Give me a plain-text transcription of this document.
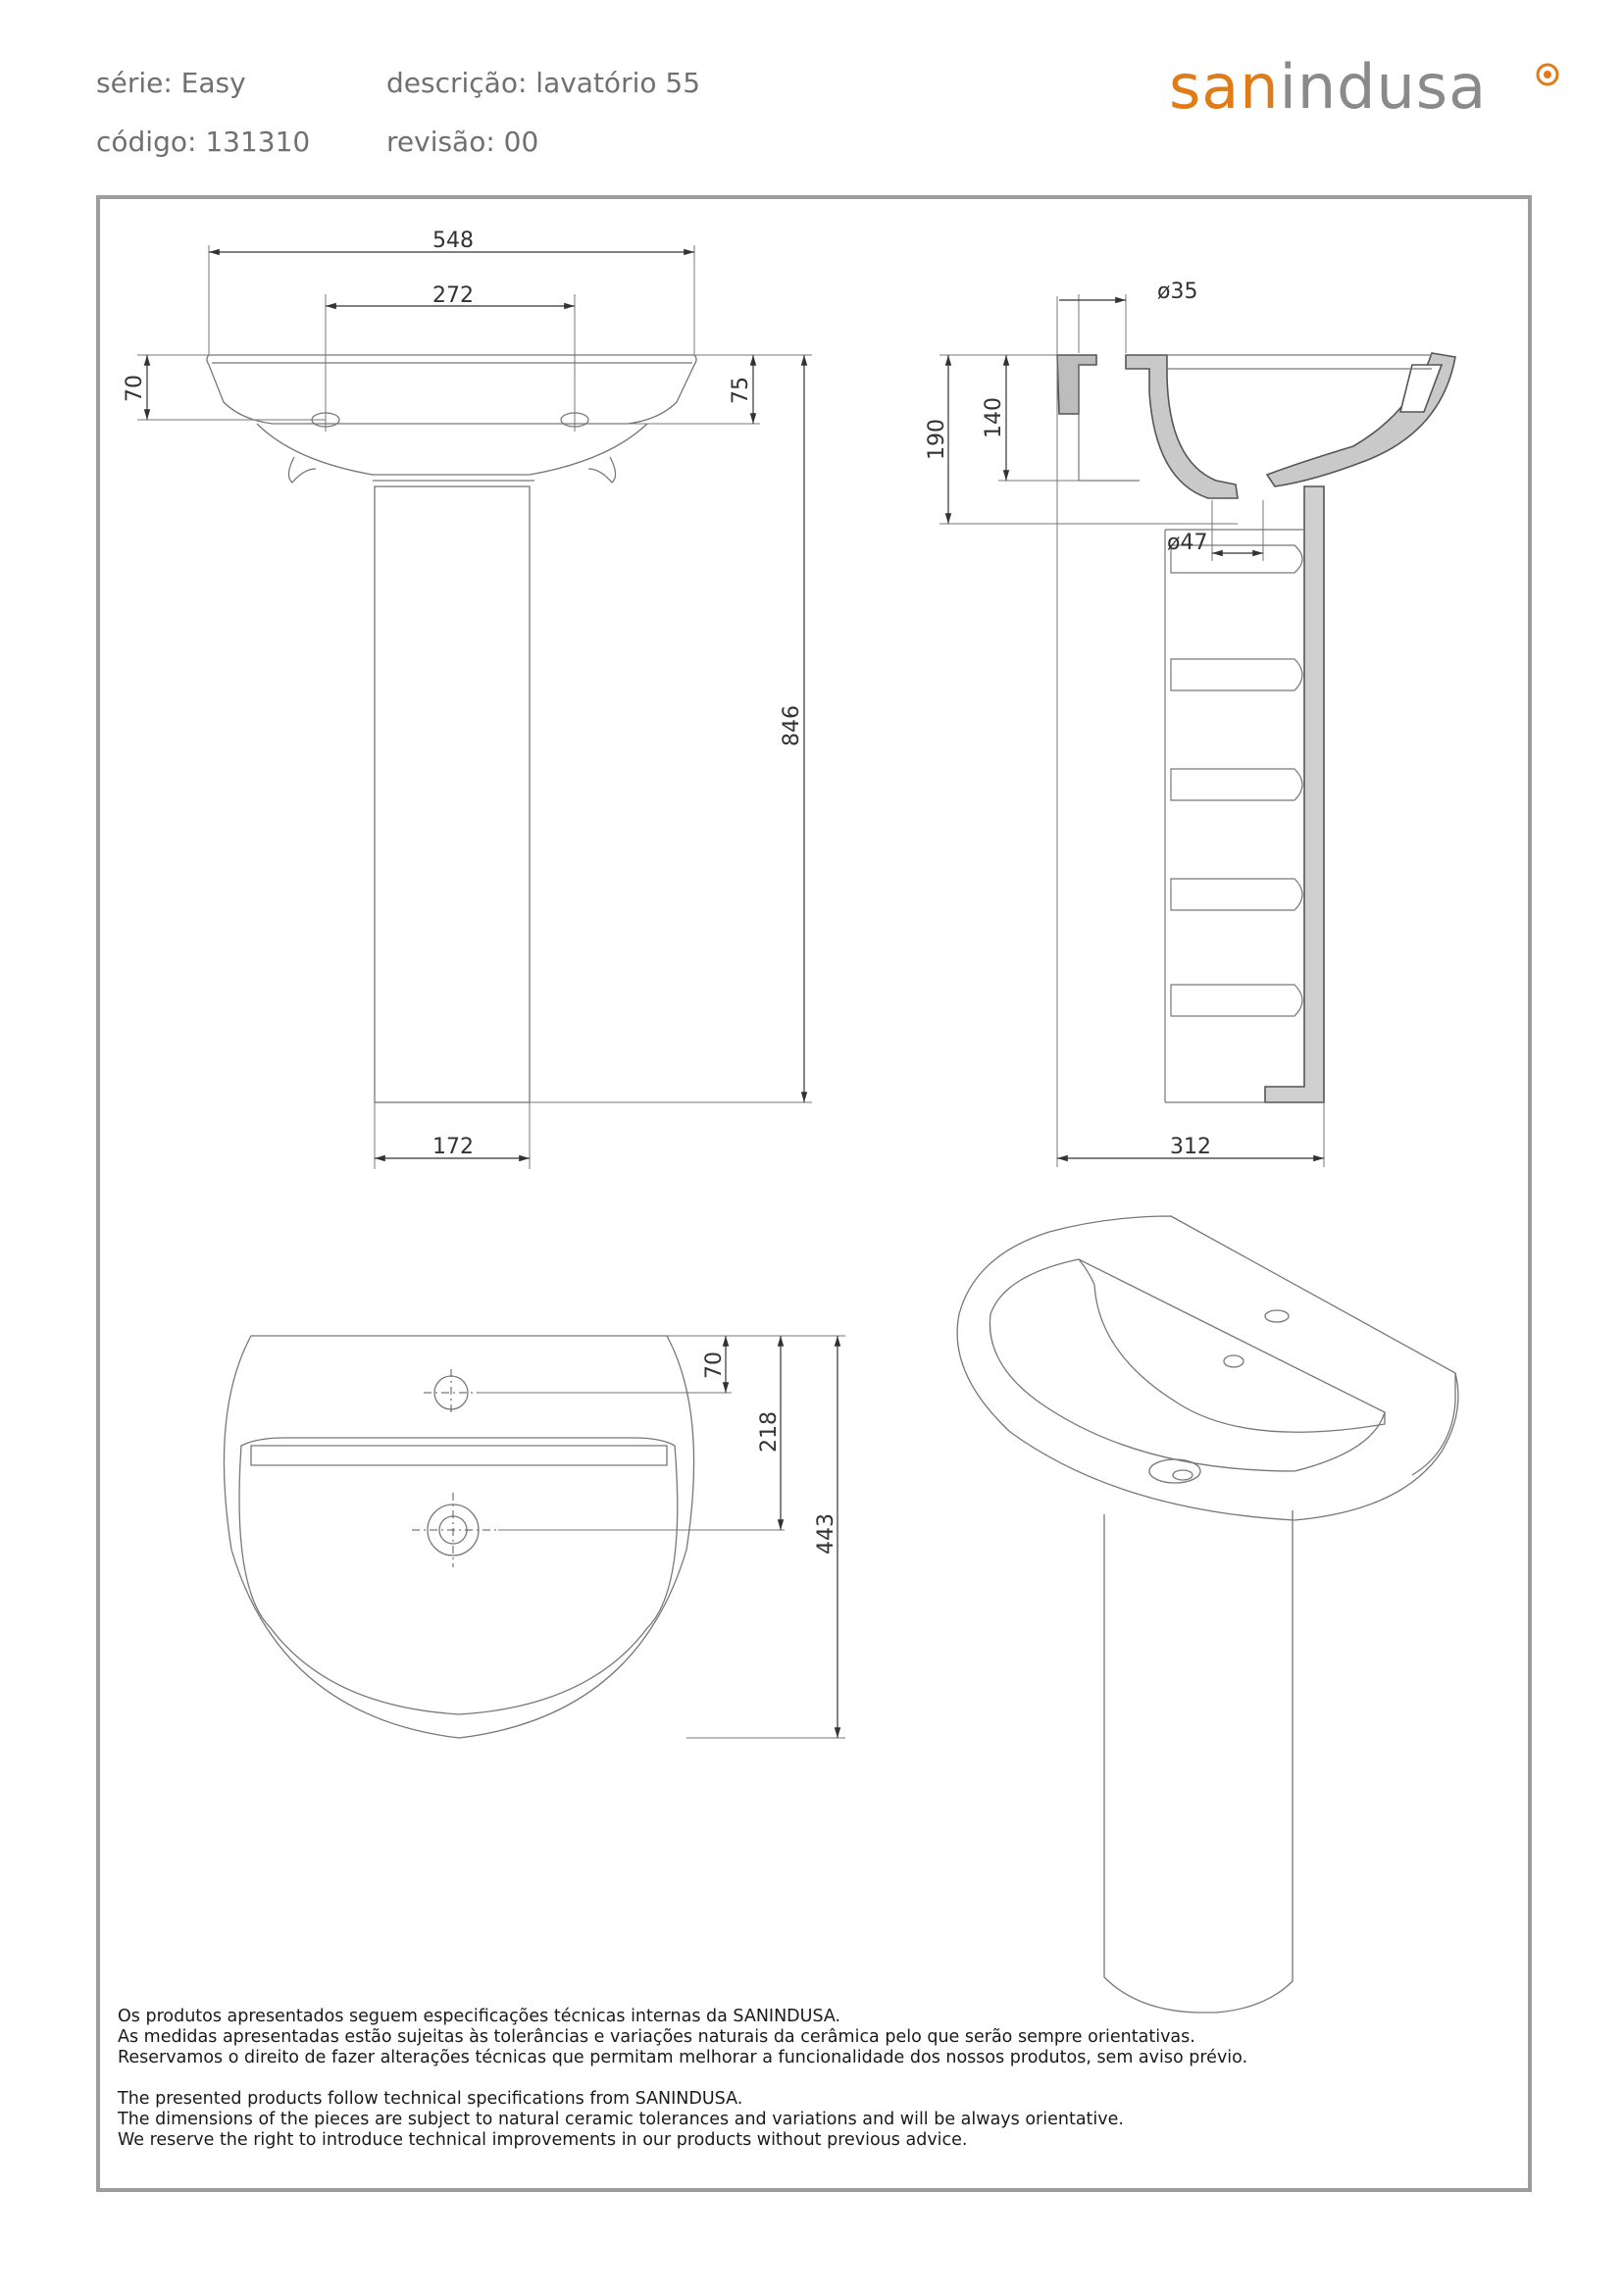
série: Easy	descrição: lavatório 55
código: 131310	revisão: 00
sanindusa
548
272
70	75
846
172
ø35
ø47
190
140
312
70
218
443

Os produtos apresentados seguem especificações técnicas internas da SANINDUSA.

As medidas apresentadas estão sujeitas às tolerâncias e variações naturais da cerâmica pelo que serão sempre orientativas.

Reservamos o direito de fazer alterações técnicas que permitam melhorar a funcionalidade dos nossos produtos, sem aviso prévio.

The presented products follow technical specifications from SANINDUSA.

The dimensions of the pieces are subject to natural ceramic tolerances and variations and will be always orientative.

We reserve the right to introduce technical improvements in our products without previous advice.
